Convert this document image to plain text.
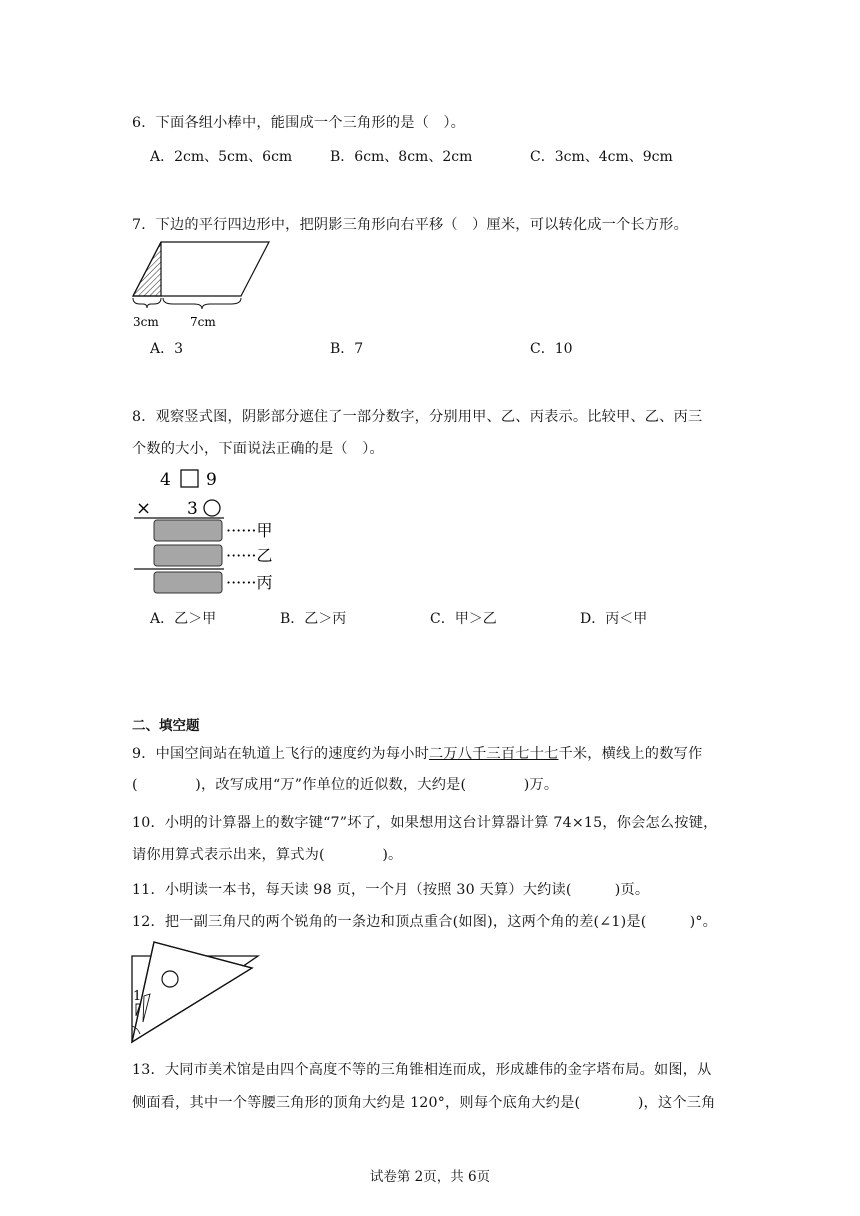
6．下面各组小棒中，能围成一个三角形的是（　）。
A．2cm、5cm、6cm	B．6cm、8cm、2cm	C．3cm、4cm、9cm
7．下边的平行四边形中，把阴影三角形向右平移（　）厘米，可以转化成一个长方形。
3cm	7cm
A．3	B．7	C．10
8．观察竖式图，阴影部分遮住了一部分数字，分别用甲、乙、丙表示。比较甲、乙、丙三
个数的大小，下面说法正确的是（　）。
4 9
× 3
······甲
······乙
······丙
A．乙＞甲	B．乙＞丙	C．甲＞乙	D．丙＜甲
二、填空题
9．中国空间站在轨道上飞行的速度约为每小时二万八千三百七十七千米，横线上的数写作
(　　　　)，改写成用“万”作单位的近似数，大约是(　　　　)万。
10．小明的计算器上的数字键“7”坏了，如果想用这台计算器计算 74×15，你会怎么按键，
请你用算式表示出来，算式为(　　　　)。
11．小明读一本书，每天读 98 页，一个月（按照 30 天算）大约读(　　　)页。
12．把一副三角尺的两个锐角的一条边和顶点重合(如图)，这两个角的差(∠1)是(　　　)°。
1
13．大同市美术馆是由四个高度不等的三角锥相连而成，形成雄伟的金字塔布局。如图，从
侧面看，其中一个等腰三角形的顶角大约是 120°，则每个底角大约是(　　　　)，这个三角
试卷第 2页，共 6页
